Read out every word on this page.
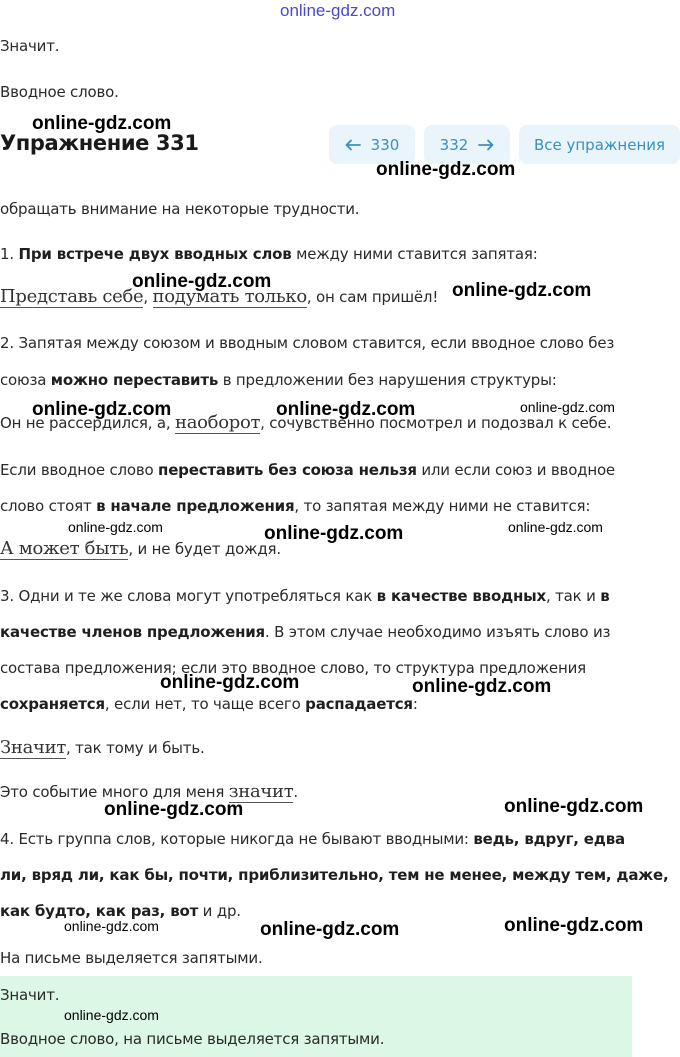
online-gdz.com
Значит.
Вводное слово.
Упражнение 331	330	332	Все упражнения
обращать внимание на некоторые трудности.
1. При встрече двух вводных слов между ними ставится запятая:
Представь себе, подумать только, он сам пришёл!
2. Запятая между союзом и вводным словом ставится, если вводное слово без
союза можно переставить в предложении без нарушения структуры:
Он не рассердился, а, наоборот, сочувственно посмотрел и подозвал к себе.
Если вводное слово переставить без союза нельзя или если союз и вводное
слово стоят в начале предложения, то запятая между ними не ставится:
А может быть, и не будет дождя.
3. Одни и те же слова могут употребляться как в качестве вводных, так и в
качестве членов предложения. В этом случае необходимо изъять слово из
состава предложения; если это вводное слово, то структура предложения
сохраняется, если нет, то чаще всего распадается:
Значит, так тому и быть.
Это событие много для меня значит.
4. Есть группа слов, которые никогда не бывают вводными: ведь, вдруг, едва
ли, вряд ли, как бы, почти, приблизительно, тем не менее, между тем, даже,
как будто, как раз, вот и др.
На письме выделяется запятыми.
Значит.
Вводное слово, на письме выделяется запятыми.
online-gdz.com
online-gdz.com
online-gdz.com	online-gdz.com
online-gdz.com	online-gdz.com	online-gdz.com
online-gdz.com	online-gdz.com	online-gdz.com
online-gdz.com	online-gdz.com
online-gdz.com	online-gdz.com
online-gdz.com	online-gdz.com	online-gdz.com
online-gdz.com
